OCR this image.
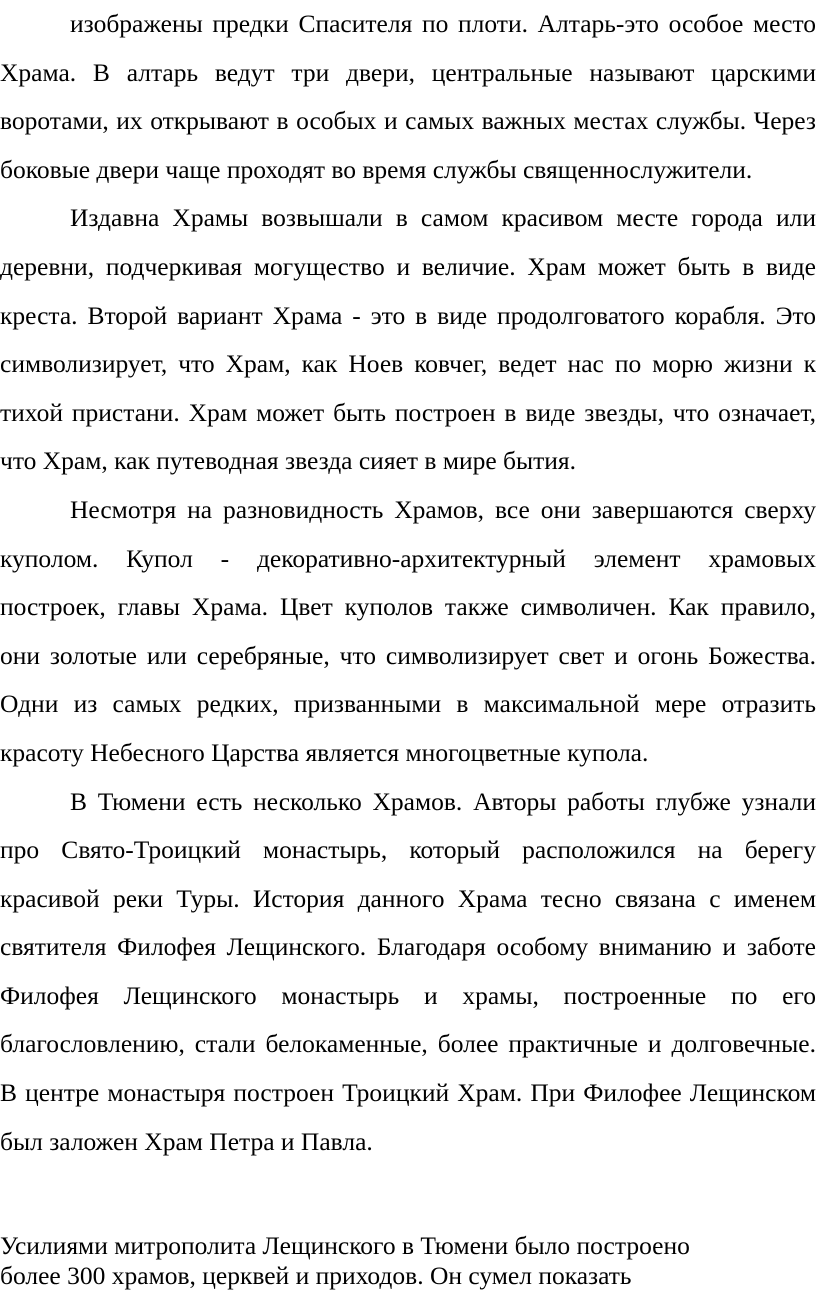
изображены предки Спасителя по плоти. Алтарь-это особое место Храма. В алтарь ведут три двери, центральные называют царскими воротами, их открывают в особых и самых важных местах службы. Через боковые двери чаще проходят во время службы священнослужители.

Издавна Храмы возвышали в самом красивом месте города или деревни, подчеркивая могущество и величие. Храм может быть в виде креста. Второй вариант Храма - это в виде продолговатого корабля. Это символизирует, что Храм, как Ноев ковчег, ведет нас по морю жизни к тихой пристани. Храм может быть построен в виде звезды, что означает, что Храм, как путеводная звезда сияет в мире бытия.

Несмотря на разновидность Храмов, все они завершаются сверху куполом. Купол - декоративно-архитектурный элемент храмовых построек, главы Храма. Цвет куполов также символичен. Как правило, они золотые или серебряные, что символизирует свет и огонь Божества. Одни из самых редких, призванными в максимальной мере отразить красоту Небесного Царства является многоцветные купола.

В Тюмени есть несколько Храмов. Авторы работы глубже узнали про Свято-Троицкий монастырь, который расположился на берегу красивой реки Туры. История данного Храма тесно связана с именем святителя Филофея Лещинского. Благодаря особому вниманию и заботе Филофея Лещинского монастырь и храмы, построенные по его благословлению, стали белокаменные, более практичные и долговечные. В центре монастыря построен Троицкий Храм. При Филофее Лещинском был заложен Храм Петра и Павла.

Усилиями митрополита Лещинского в Тюмени было построено
более 300 храмов, церквей и приходов. Он сумел показать
